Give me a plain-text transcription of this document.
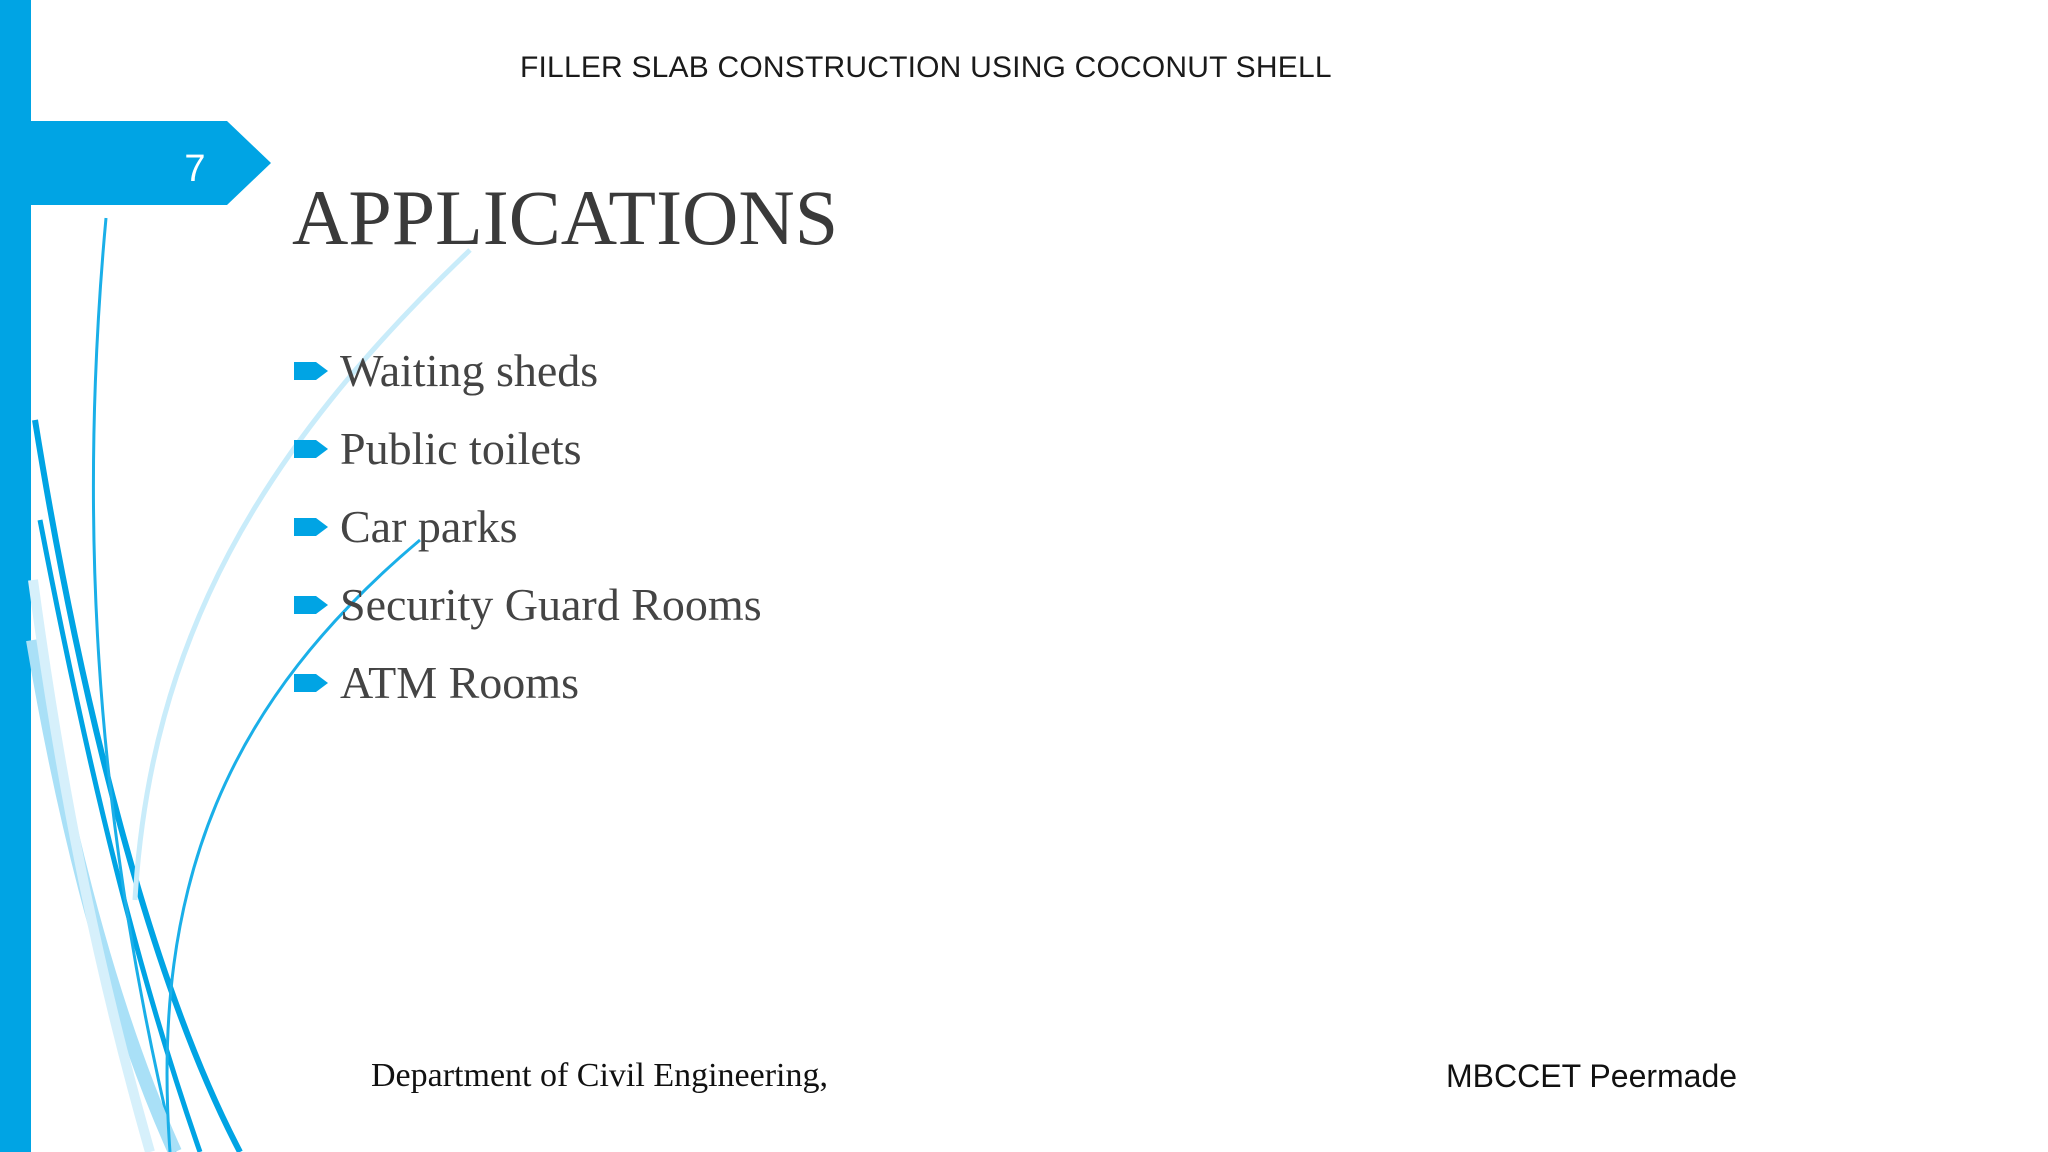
7
FILLER SLAB CONSTRUCTION USING COCONUT SHELL
APPLICATIONS
Waiting sheds
Public toilets
Car parks
Security Guard Rooms
ATM Rooms
Department of Civil Engineering,	MBCCET Peermade
